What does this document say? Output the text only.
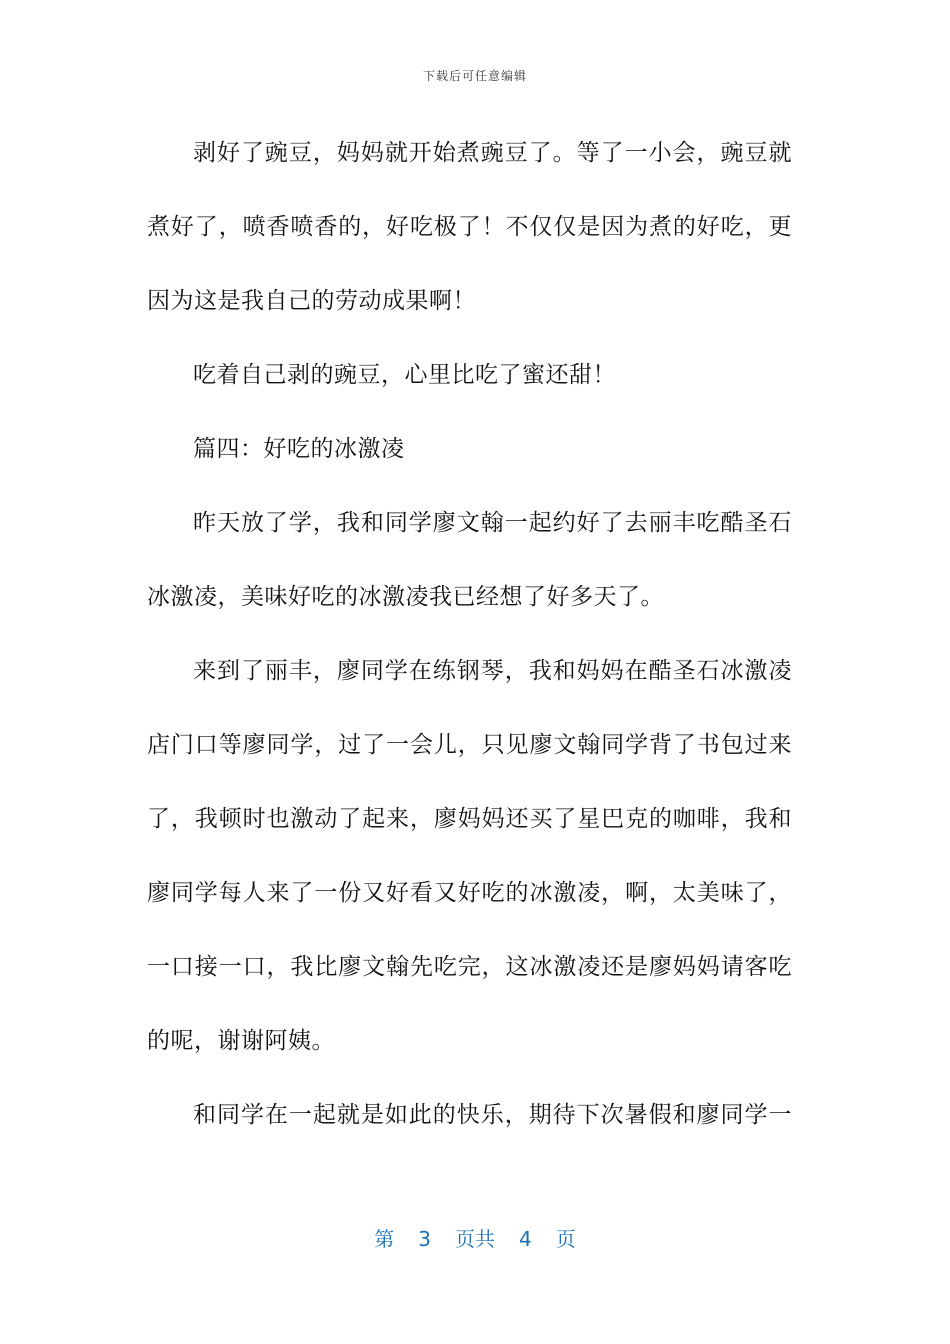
下载后可任意编辑
剥好了豌豆，妈妈就开始煮豌豆了。等了一小会，豌豆就
煮好了，喷香喷香的，好吃极了！不仅仅是因为煮的好吃，更
因为这是我自己的劳动成果啊！
吃着自己剥的豌豆，心里比吃了蜜还甜！
篇四：好吃的冰激凌
昨天放了学，我和同学廖文翰一起约好了去丽丰吃酷圣石
冰激凌，美味好吃的冰激凌我已经想了好多天了。
来到了丽丰，廖同学在练钢琴，我和妈妈在酷圣石冰激凌
店门口等廖同学，过了一会儿，只见廖文翰同学背了书包过来
了，我顿时也激动了起来，廖妈妈还买了星巴克的咖啡，我和
廖同学每人来了一份又好看又好吃的冰激凌，啊，太美味了，
一口接一口，我比廖文翰先吃完，这冰激凌还是廖妈妈请客吃
的呢，谢谢阿姨。
和同学在一起就是如此的快乐，期待下次暑假和廖同学一
第 3 页共 4 页
